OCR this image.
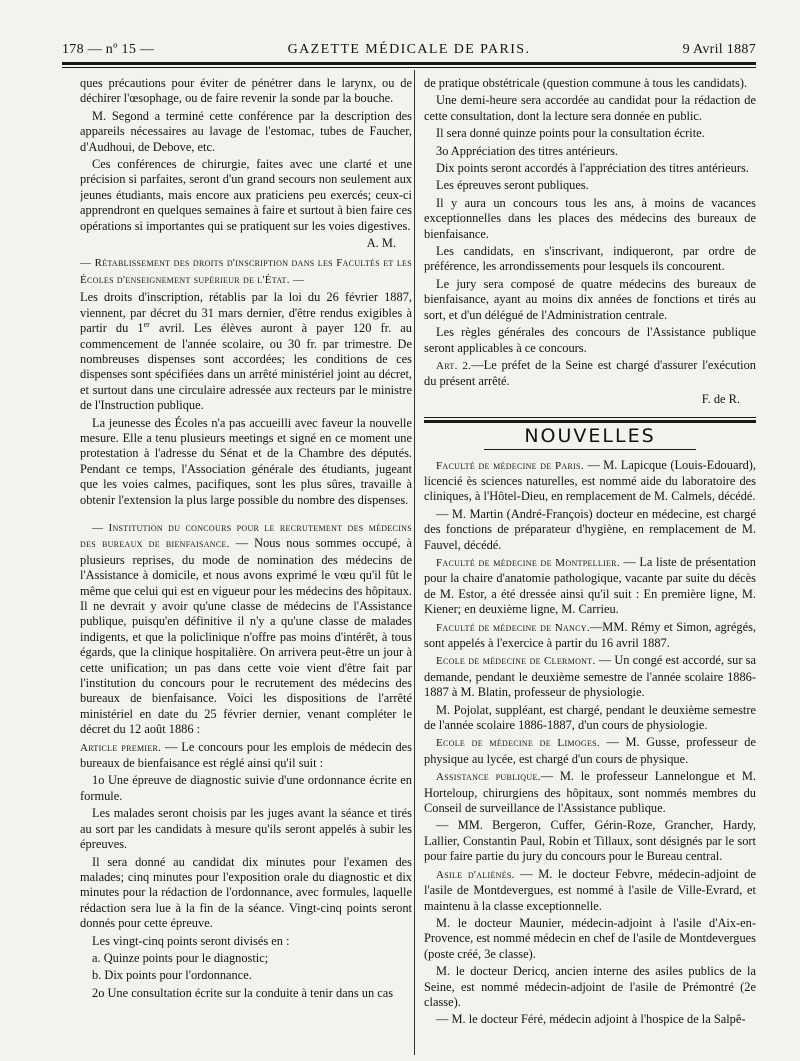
178 — nº 15 —	GAZETTE MÉDICALE DE PARIS.	9 Avril 1887

ques précautions pour éviter de pénétrer dans le larynx, ou de déchirer l'œsophage, ou de faire revenir la sonde par la bouche.

M. Segond a terminé cette conférence par la description des appareils nécessaires au lavage de l'estomac, tubes de Faucher, d'Audhoui, de Debove, etc.

Ces conférences de chirurgie, faites avec une clarté et une précision si parfaites, seront d'un grand secours non seulement aux jeunes étudiants, mais encore aux praticiens peu exercés; ceux-ci apprendront en quelques semaines à faire et surtout à bien faire ces opérations si importantes qui se pratiquent sur les voies digestives.

A. M.

— Rétablissement des droits d'inscription dans les Facultés et les Écoles d'enseignement supérieur de l'État. —

Les droits d'inscription, rétablis par la loi du 26 février 1887, viennent, par décret du 31 mars dernier, d'être rendus exigibles à partir du 1er avril. Les élèves auront à payer 120 fr. au commencement de l'année scolaire, ou 30 fr. par trimestre. De nombreuses dispenses sont accordées; les conditions de ces dispenses sont spécifiées dans un arrêté ministériel joint au décret, et surtout dans une circulaire adressée aux recteurs par le ministre de l'Instruction publique.

La jeunesse des Écoles n'a pas accueilli avec faveur la nouvelle mesure. Elle a tenu plusieurs meetings et signé en ce moment une protestation à l'adresse du Sénat et de la Chambre des députés. Pendant ce temps, l'Association générale des étudiants, jugeant que les voies calmes, pacifiques, sont les plus sûres, travaille à obtenir l'extension la plus large possible du nombre des dispenses.

— Institution du concours pour le recrutement des médecins des bureaux de bienfaisance. — Nous nous sommes occupé, à plusieurs reprises, du mode de nomination des médecins de l'Assistance à domicile, et nous avons exprimé le vœu qu'il fût le même que celui qui est en vigueur pour les médecins des hôpitaux. Il ne devrait y avoir qu'une classe de médecins de l'Assistance publique, puisqu'en définitive il n'y a qu'une classe de malades indigents, et que la policlinique n'offre pas moins d'intérêt, à tous égards, que la clinique hospitalière. On arrivera peut-être un jour à cette unification; un pas dans cette voie vient d'être fait par l'institution du concours pour le recrutement des médecins des bureaux de bienfaisance. Voici les dispositions de l'arrêté ministériel en date du 25 février dernier, venant compléter le décret du 12 août 1886 :

Article premier. — Le concours pour les emplois de médecin des bureaux de bienfaisance est réglé ainsi qu'il suit :

1o Une épreuve de diagnostic suivie d'une ordonnance écrite en formule.

Les malades seront choisis par les juges avant la séance et tirés au sort par les candidats à mesure qu'ils seront appelés à subir les épreuves.

Il sera donné au candidat dix minutes pour l'examen des malades; cinq minutes pour l'exposition orale du diagnostic et dix minutes pour la rédaction de l'ordonnance, avec formules, laquelle rédaction sera lue à la fin de la séance. Vingt-cinq points seront donnés pour cette épreuve.

Les vingt-cinq points seront divisés en :

a. Quinze points pour le diagnostic;

b. Dix points pour l'ordonnance.

2o Une consultation écrite sur la conduite à tenir dans un cas

de pratique obstétricale (question commune à tous les candidats).

Une demi-heure sera accordée au candidat pour la rédaction de cette consultation, dont la lecture sera donnée en public.

Il sera donné quinze points pour la consultation écrite.

3o Appréciation des titres antérieurs.

Dix points seront accordés à l'appréciation des titres antérieurs.

Les épreuves seront publiques.

Il y aura un concours tous les ans, à moins de vacances exceptionnelles dans les places des médecins des bureaux de bienfaisance.

Les candidats, en s'inscrivant, indiqueront, par ordre de préférence, les arrondissements pour lesquels ils concourent.

Le jury sera composé de quatre médecins des bureaux de bienfaisance, ayant au moins dix années de fonctions et tirés au sort, et d'un délégué de l'Administration centrale.

Les règles générales des concours de l'Assistance publique seront applicables à ce concours.

Art. 2.—Le préfet de la Seine est chargé d'assurer l'exécution du présent arrêté.

F. de R.
NOUVELLES

Faculté de médecine de Paris. — M. Lapicque (Louis-Edouard), licencié ès sciences naturelles, est nommé aide du laboratoire des cliniques, à l'Hôtel-Dieu, en remplacement de M. Calmels, décédé.

— M. Martin (André-François) docteur en médecine, est chargé des fonctions de préparateur d'hygiène, en remplacement de M. Fauvel, décédé.

Faculté de médecine de Montpellier. — La liste de présentation pour la chaire d'anatomie pathologique, vacante par suite du décès de M. Estor, a été dressée ainsi qu'il suit : En première ligne, M. Kiener; en deuxième ligne, M. Carrieu.

Faculté de médecine de Nancy.—MM. Rémy et Simon, agrégés, sont appelés à l'exercice à partir du 16 avril 1887.

Ecole de médecine de Clermont. — Un congé est accordé, sur sa demande, pendant le deuxième semestre de l'année scolaire 1886-1887 à M. Blatin, professeur de physiologie.

M. Pojolat, suppléant, est chargé, pendant le deuxième semestre de l'année scolaire 1886-1887, d'un cours de physiologie.

Ecole de médecine de Limoges. — M. Gusse, professeur de physique au lycée, est chargé d'un cours de physique.

Assistance publique.— M. le professeur Lannelongue et M. Horteloup, chirurgiens des hôpitaux, sont nommés membres du Conseil de surveillance de l'Assistance publique.

— MM. Bergeron, Cuffer, Gérin-Roze, Grancher, Hardy, Lallier, Constantin Paul, Robin et Tillaux, sont désignés par le sort pour faire partie du jury du concours pour le Bureau central.

Asile d'aliénés. — M. le docteur Febvre, médecin-adjoint de l'asile de Montdevergues, est nommé à l'asile de Ville-Evrard, et maintenu à la classe exceptionnelle.

M. le docteur Maunier, médecin-adjoint à l'asile d'Aix-en-Provence, est nommé médecin en chef de l'asile de Montdevergues (poste créé, 3e classe).

M. le docteur Dericq, ancien interne des asiles publics de la Seine, est nommé médecin-adjoint de l'asile de Prémontré (2e classe).

— M. le docteur Féré, médecin adjoint à l'hospice de la Salpê-
